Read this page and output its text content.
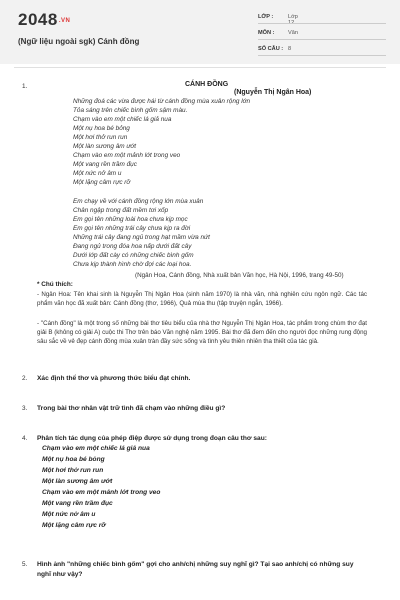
2048.VN
(Ngữ liệu ngoài sgk) Cánh đồng
LỚP :	Lớp 12
MÔN :	Văn
SỐ CÂU : 8
1.	CÁNH ĐỒNG
(Nguyễn Thị Ngân Hoa)
Những đoá các vừa được hái từ cánh đồng mùa xuân rộng lớn
Tỏa sáng trên chiếc bình gốm sậm màu.
Chạm vào em một chiếc lá giả nua
Một nụ hoa bé bỏng
Một hơi thở run run
Một làn sương âm ướt
Chạm vào em một mảnh lớt trong veo
Một vang rền trầm đục
Một nức nở âm u
Một lặng câm rực rỡ
Em chạy về với cánh đồng rộng lớn mùa xuân
Chân ngập trong đất mềm tơi xốp
Em gọi tên những loài hoa chưa kịp mọc
Em gọi tên những trái cây chưa kịp ra đời
Những trái cây đang ngủ trong hạt mầm vừa nứt
Đang ngủ trong đóa hoa nấp dưới đất cây
Dưới lớp đất cày có những chiếc bình gốm
Chưa kịp thành hình chờ đợi các loại hoa.
(Ngân Hoa, Cánh đồng, Nhà xuất bản Văn học, Hà Nội, 1996, trang 49-50)
* Chú thích:
- Ngân Hoa: Tên khai sinh là Nguyễn Thị Ngân Hoa (sinh năm 1970) là nhà văn, nhà nghiên cứu ngôn ngữ. Các tác phẩm văn học đã xuất bản: Cánh đồng (thơ, 1966), Quả mùa thu (tập truyện ngắn, 1966).
- "Cánh đồng" là một trong số những bài thơ tiêu biểu của nhà thơ Nguyễn Thị Ngân Hoa, tác phẩm trong chùm thơ đạt giải B (không có giải A) cuộc thi Thơ trên báo Văn nghệ năm 1995. Bài thơ đã đem đến cho người đọc những rung động sâu sắc về vẻ đẹp cánh đồng mùa xuân tràn đầy sức sống và tình yêu thiên nhiên tha thiết của tác giả.
2. Xác định thể thơ và phương thức biểu đạt chính.
3. Trong bài thơ nhân vật trữ tình đã chạm vào những điều gì?
4. Phân tích tác dụng của phép điệp được sử dụng trong đoạn câu thơ sau:
Chạm vào em một chiếc lá giả nua
Một nụ hoa bé bỏng
Một hơi thở run run
Một làn sương âm ướt
Chạm vào em một mảnh lớt trong veo
Một vang rền trầm đục
Một nức nở âm u
Một lặng câm rực rỡ
5. Hình ảnh "những chiếc bình gốm" gợi cho anh/chị những suy nghĩ gì? Tại sao anh/chị có những suy nghĩ như vậy?
